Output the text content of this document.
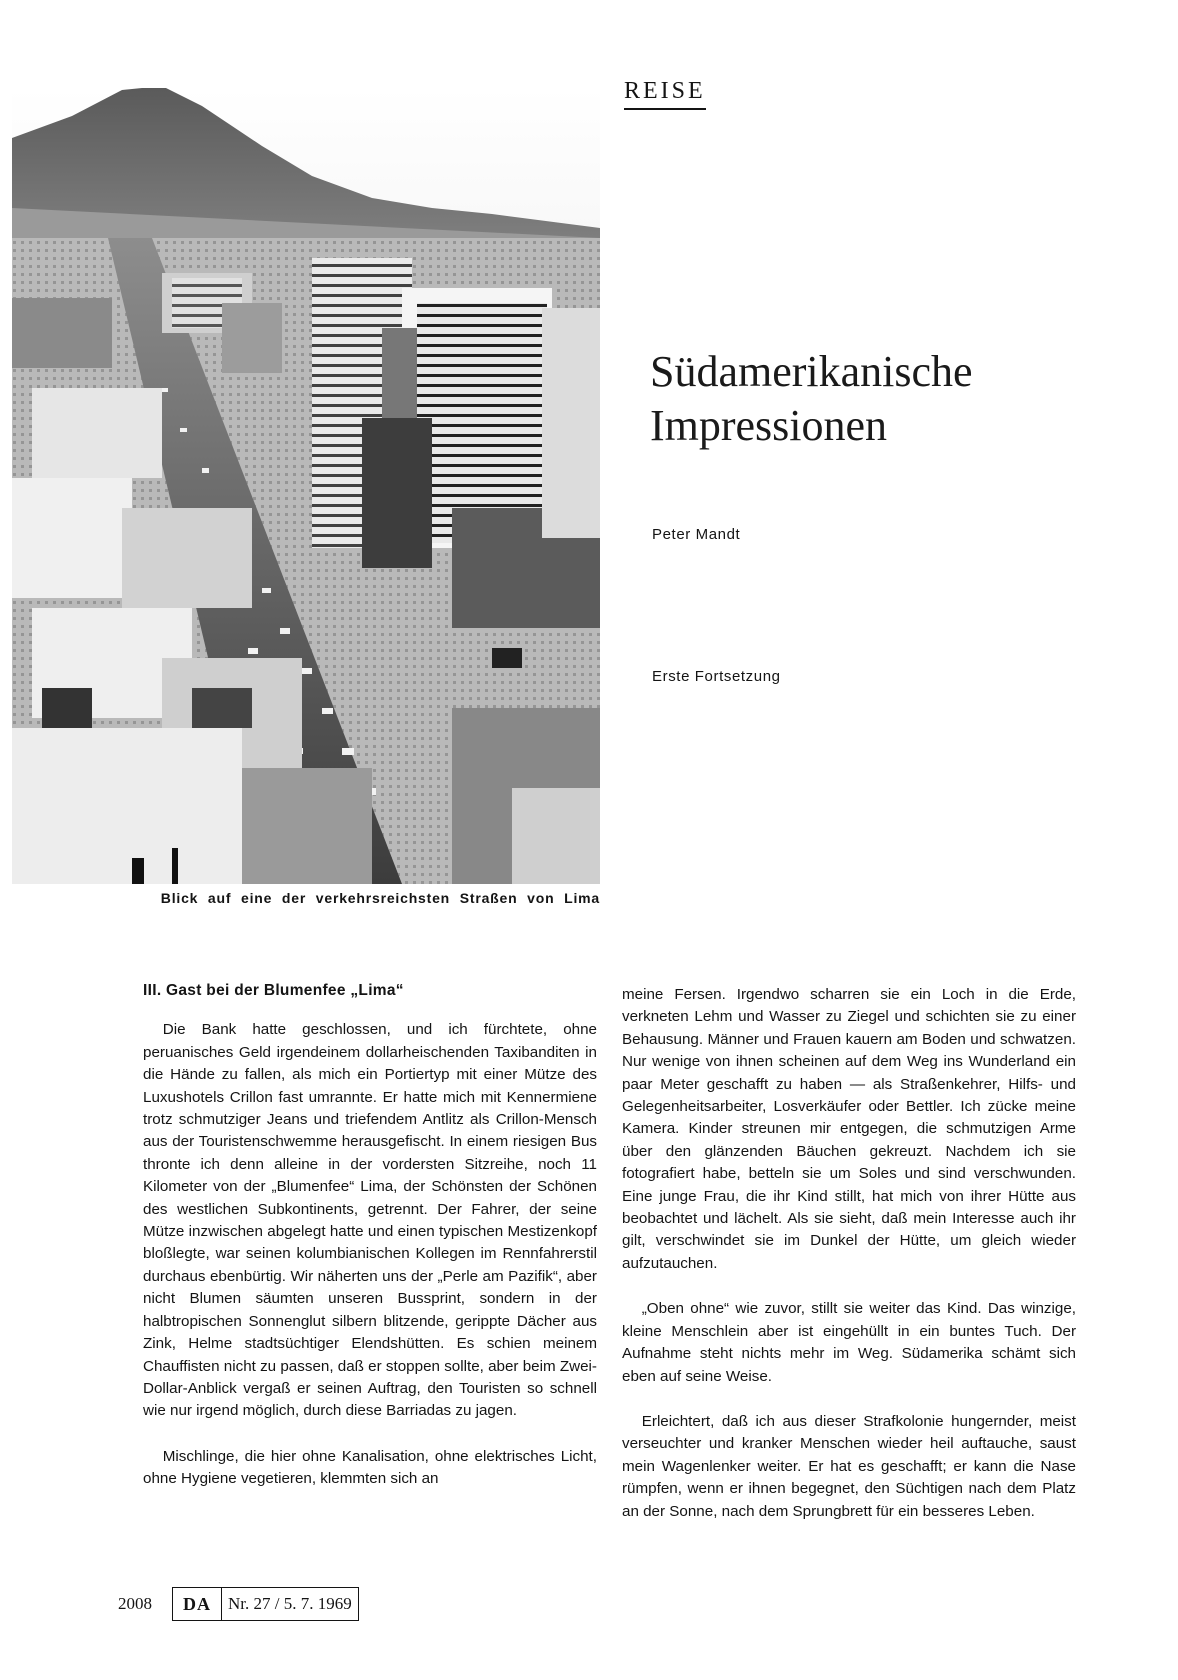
REISE
Blick auf eine der verkehrsreichsten Straßen von Lima
Südamerikanische
Impressionen
Peter Mandt
Erste Fortsetzung
III. Gast bei der Blumenfee „Lima“

Die Bank hatte geschlossen, und ich fürchtete, ohne peruanisches Geld irgendeinem dollarheischenden Taxibanditen in die Hände zu fallen, als mich ein Portiertyp mit einer Mütze des Luxushotels Crillon fast umrannte. Er hatte mich mit Kennermiene trotz schmutziger Jeans und triefendem Antlitz als Crillon-Mensch aus der Touristenschwemme herausgefischt. In einem riesigen Bus thronte ich denn alleine in der vordersten Sitzreihe, noch 11 Kilometer von der „Blumenfee“ Lima, der Schönsten der Schönen des westlichen Subkontinents, getrennt. Der Fahrer, der seine Mütze inzwischen abgelegt hatte und einen typischen Mestizenkopf bloßlegte, war seinen kolumbianischen Kollegen im Rennfahrerstil durchaus ebenbürtig. Wir näherten uns der „Perle am Pazifik“, aber nicht Blumen säumten unseren Bussprint, sondern in der halbtropischen Sonnenglut silbern blitzende, gerippte Dächer aus Zink, Helme stadtsüchtiger Elendshütten. Es schien meinem Chauffisten nicht zu passen, daß er stoppen sollte, aber beim Zwei-Dollar-Anblick vergaß er seinen Auftrag, den Touristen so schnell wie nur irgend möglich, durch diese Barriadas zu jagen.

Mischlinge, die hier ohne Kanalisation, ohne elektrisches Licht, ohne Hygiene vegetieren, klemmten sich an

meine Fersen. Irgendwo scharren sie ein Loch in die Erde, verkneten Lehm und Wasser zu Ziegel und schichten sie zu einer Behausung. Männer und Frauen kauern am Boden und schwatzen. Nur wenige von ihnen scheinen auf dem Weg ins Wunderland ein paar Meter geschafft zu haben — als Straßenkehrer, Hilfs- und Gelegenheitsarbeiter, Losverkäufer oder Bettler. Ich zücke meine Kamera. Kinder streunen mir entgegen, die schmutzigen Arme über den glänzenden Bäuchen gekreuzt. Nachdem ich sie fotografiert habe, betteln sie um Soles und sind verschwunden. Eine junge Frau, die ihr Kind stillt, hat mich von ihrer Hütte aus beobachtet und lächelt. Als sie sieht, daß mein Interesse auch ihr gilt, verschwindet sie im Dunkel der Hütte, um gleich wieder aufzutauchen.

„Oben ohne“ wie zuvor, stillt sie weiter das Kind. Das winzige, kleine Menschlein aber ist eingehüllt in ein buntes Tuch. Der Aufnahme steht nichts mehr im Weg. Südamerika schämt sich eben auf seine Weise.

Erleichtert, daß ich aus dieser Strafkolonie hungernder, meist verseuchter und kranker Menschen wieder heil auftauche, saust mein Wagenlenker weiter. Er hat es geschafft; er kann die Nase rümpfen, wenn er ihnen begegnet, den Süchtigen nach dem Platz an der Sonne, nach dem Sprungbrett für ein besseres Leben.

2008	DA	Nr. 27 / 5. 7. 1969
